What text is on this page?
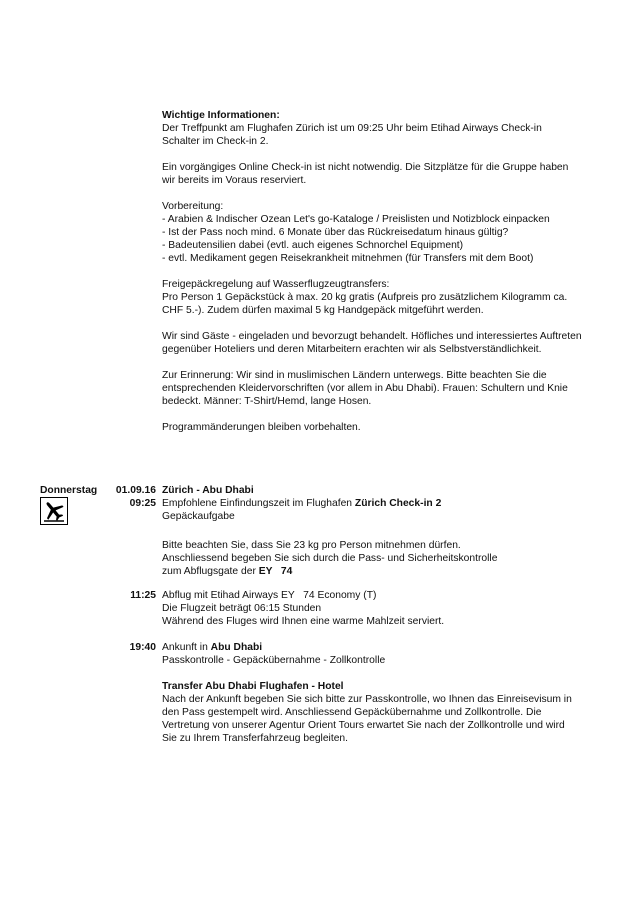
Wichtige Informationen:

Der Treffpunkt am Flughafen Zürich ist um 09:25 Uhr beim Etihad Airways Check-in Schalter im Check-in 2.

Ein vorgängiges Online Check-in ist nicht notwendig. Die Sitzplätze für die Gruppe haben wir bereits im Voraus reserviert.

Vorbereitung:

- Arabien & Indischer Ozean Let's go-Kataloge / Preislisten und Notizblock einpacken
- Ist der Pass noch mind. 6 Monate über das Rückreisedatum hinaus gültig?
- Badeutensilien dabei (evtl. auch eigenes Schnorchel Equipment)
- evtl. Medikament gegen Reisekrankheit mitnehmen (für Transfers mit dem Boot)

Freigepäckregelung auf Wasserflugzeugtransfers:

Pro Person 1 Gepäckstück à max. 20 kg gratis (Aufpreis pro zusätzlichem Kilogramm ca. CHF 5.-). Zudem dürfen maximal 5 kg Handgepäck mitgeführt werden.

Wir sind Gäste - eingeladen und bevorzugt behandelt. Höfliches und interessiertes Auftreten gegenüber Hoteliers und deren Mitarbeitern erachten wir als Selbstverständlichkeit.

Zur Erinnerung: Wir sind in muslimischen Ländern unterwegs. Bitte beachten Sie die entsprechenden Kleidervorschriften (vor allem in Abu Dhabi). Frauen: Schultern und Knie bedeckt. Männer: T-Shirt/Hemd, lange Hosen.

Programmänderungen bleiben vorbehalten.

Donnerstag	01.09.16 Zürich - Abu Dhabi
09:25 Empfohlene Einfindungszeit im Flughafen Zürich Check-in 2

Gepäckaufgabe

Bitte beachten Sie, dass Sie 23 kg pro Person mitnehmen dürfen.

Anschliessend begeben Sie sich durch die Pass- und Sicherheitskontrolle

zum Abflugsgate der EY   74

11:25 Abflug mit Etihad Airways EY   74 Economy (T)

Die Flugzeit beträgt 06:15 Stunden

Während des Fluges wird Ihnen eine warme Mahlzeit serviert.

19:40 Ankunft in Abu Dhabi

Passkontrolle - Gepäckübernahme - Zollkontrolle

Transfer Abu Dhabi Flughafen - Hotel

Nach der Ankunft begeben Sie sich bitte zur Passkontrolle, wo Ihnen das Einreisevisum in den Pass gestempelt wird. Anschliessend Gepäckübernahme und Zollkontrolle. Die Vertretung von unserer Agentur Orient Tours erwartet Sie nach der Zollkontrolle und wird Sie zu Ihrem Transferfahrzeug begleiten.
